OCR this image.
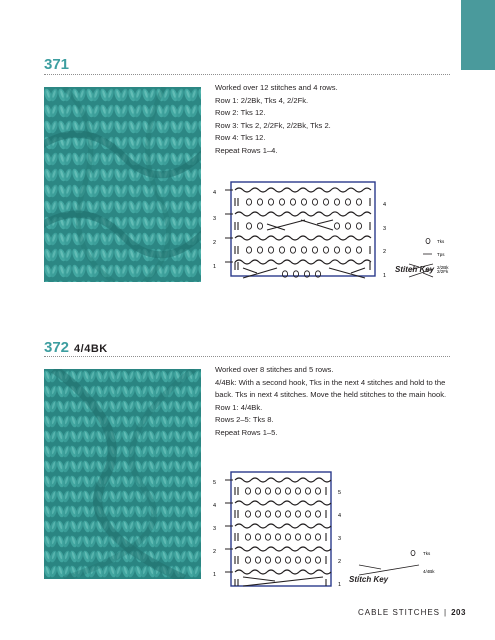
371
Worked over 12 stitches and 4 rows.
Row 1: 2/2Bk, Tks 4, 2/2Fk.
Row 2: Tks 12.
Row 3: Tks 2, 2/2Fk, 2/2Bk, Tks 2.
Row 4: Tks 12.
Repeat Rows 1–4.
4
3
2
1
4
3
2
1
Tks
Tps
2/2Bk
2/2Fk
Stitch Key
372 4/4BK
Worked over 8 stitches and 5 rows.
4/4Bk: With a second hook, Tks in the next 4 stitches and hold to the
back. Tks in next 4 stitches. Move the held stitches to the main hook.
Row 1: 4/4Bk.
Rows 2–5: Tks 8.
Repeat Rows 1–5.
5
4
3
2
1
5
4
3
2
1
Tks
4/4Bk
Stitch Key
CABLE STITCHES | 203
